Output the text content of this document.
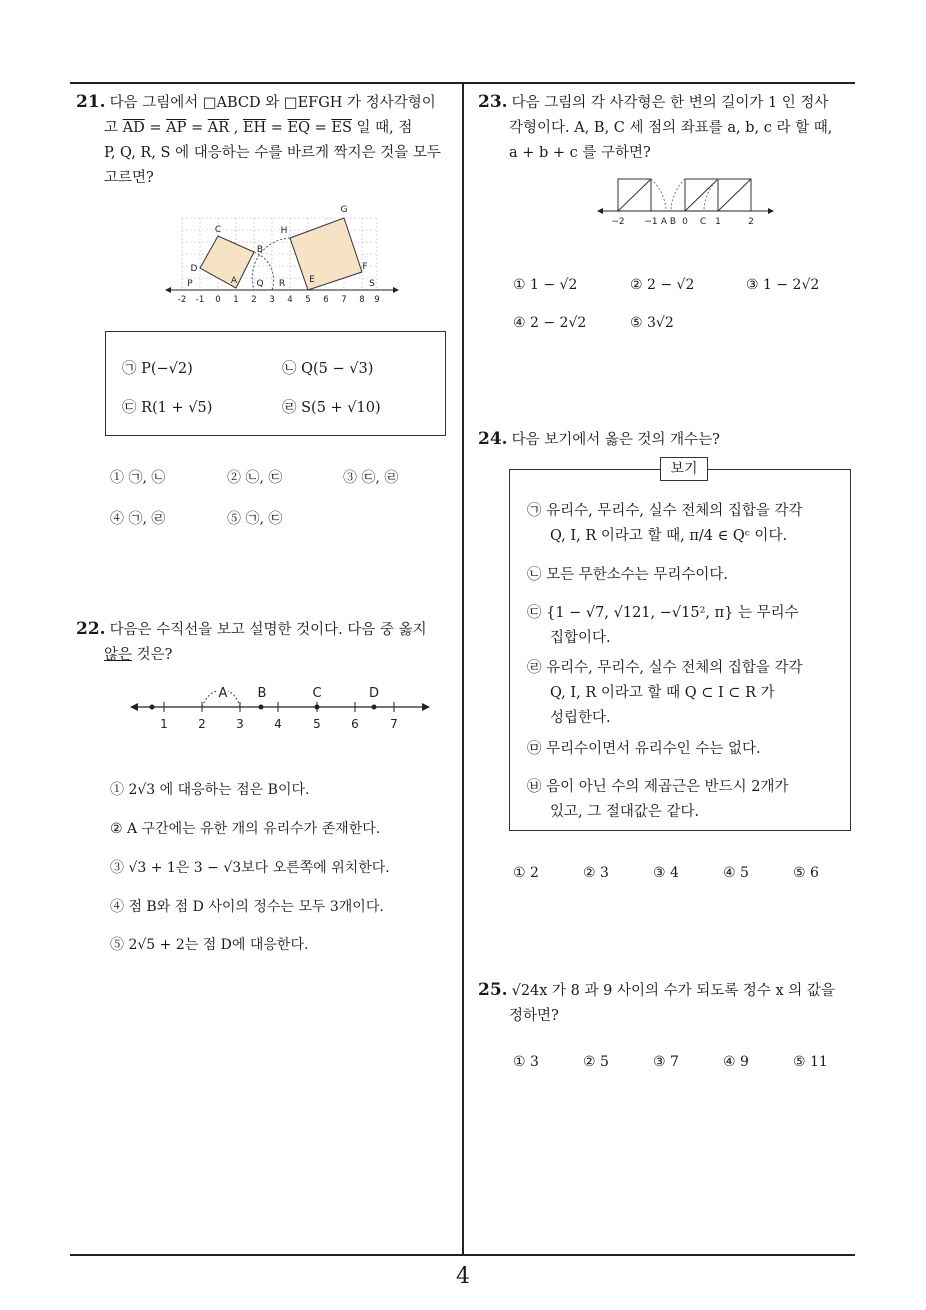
4
21. 다음 그림에서 □ABCD 와 □EFGH 가 정사각형이
고 $\overline{AD} = \overline{AP} = \overline{AR}$ , $\overline{EH} = \overline{EQ} = \overline{ES}$ 일 때, 점
P, Q, R, S 에 대응하는 수를 바르게 짝지은 것을 모두
고르면?
G
C	H
B
D
A
P	Q R	E
F
S
-2 -1 0 1 2 3 4 5 6 7 8 9
㉠ P(−√2)	㉡ Q(5 − √3)
㉢ R(1 + √5)	㉣ S(5 + √10)
① ㉠, ㉡	② ㉡, ㉢	③ ㉢, ㉣
④ ㉠, ㉣	⑤ ㉠, ㉢
22. 다음은 수직선을 보고 설명한 것이다. 다음 중 옳지
않은 것은?
A B	C	D
1	2	3	4	5	6	7
① 2√3 에 대응하는 점은 B이다.
② A 구간에는 유한 개의 유리수가 존재한다.
③ √3 + 1은 3 − √3보다 오른쪽에 위치한다.
④ 점 B와 점 D 사이의 정수는 모두 3개이다.
⑤ 2√5 + 2는 점 D에 대응한다.
23. 다음 그림의 각 사각형은 한 변의 길이가 1 인 정사
각형이다. A, B, C 세 점의 좌표를 a, b, c 라 할 때,
a + b + c 를 구하면?
−2 −1 A B 0 C 1	2
① 1 − √2	② 2 − √2	③ 1 − 2√2
④ 2 − 2√2	⑤ 3√2
24. 다음 보기에서 옳은 것의 개수는?
보기
㉠ 유리수, 무리수, 실수 전체의 집합을 각각
Q, I, R 이라고 할 때, π/4 ∈ Qᶜ 이다.
㉡ 모든 무한소수는 무리수이다.
㉢ {1 − √7, √121, −√15², π} 는 무리수
집합이다.
㉣ 유리수, 무리수, 실수 전체의 집합을 각각
Q, I, R 이라고 할 때 Q ⊂ I ⊂ R 가
성립한다.
㉤ 무리수이면서 유리수인 수는 없다.
㉥ 음이 아닌 수의 제곱근은 반드시 2개가
있고, 그 절대값은 같다.
① 2	② 3	③ 4	④ 5	⑤ 6
25. √24x 가 8 과 9 사이의 수가 되도록 정수 x 의 값을
정하면?
① 3	② 5	③ 7	④ 9	⑤ 11
